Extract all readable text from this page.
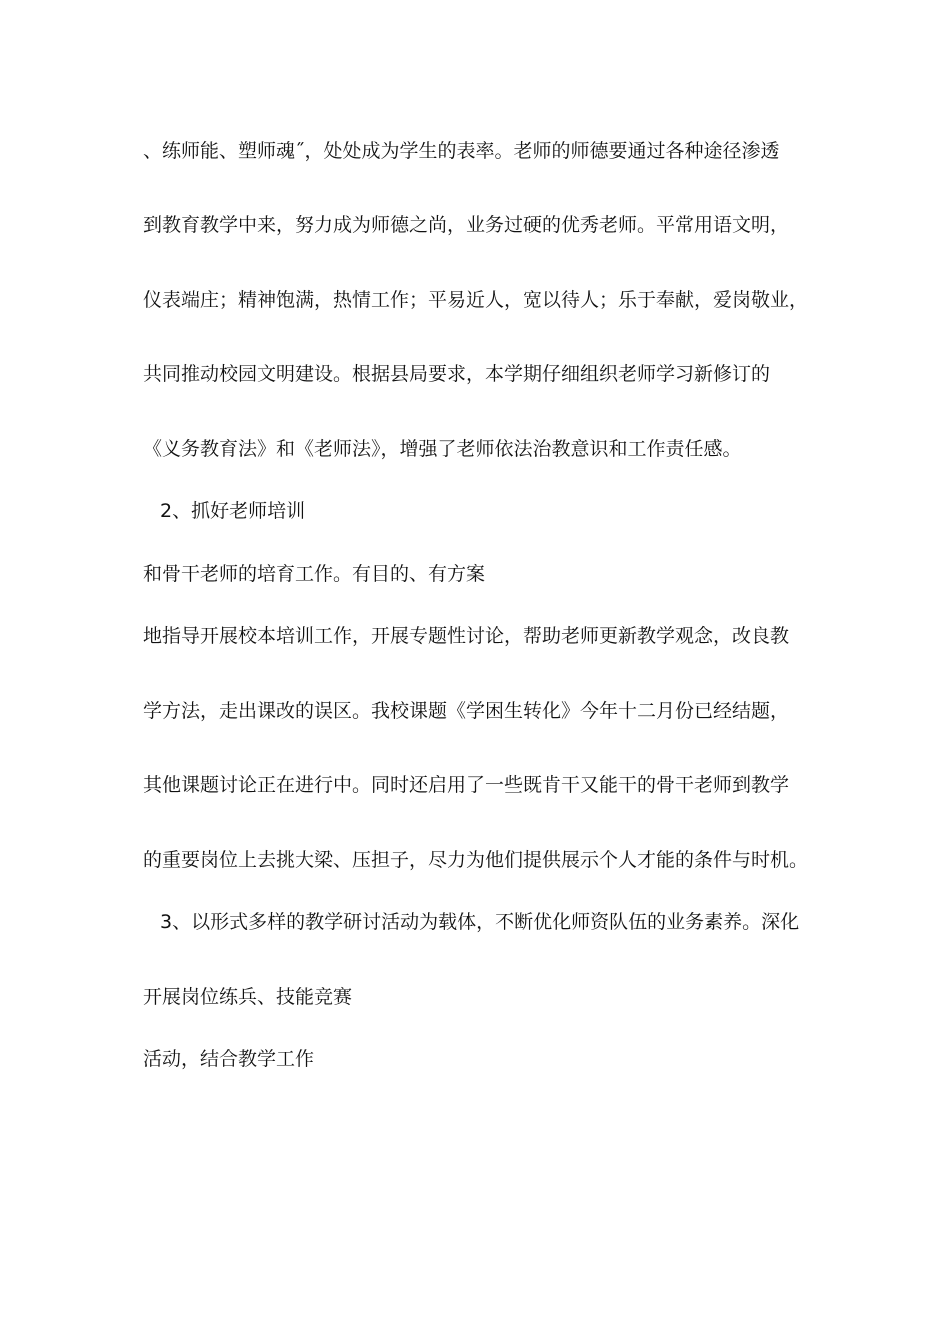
、练师能、塑师魂˝，处处成为学生的表率。老师的师德要通过各种途径渗透
到教育教学中来，努力成为师德之尚，业务过硬的优秀老师。平常用语文明，
仪表端庄；精神饱满，热情工作；平易近人，宽以待人；乐于奉献，爱岗敬业，
共同推动校园文明建设。根据县局要求，本学期仔细组织老师学习新修订的
《义务教育法》和《老师法》，增强了老师依法治教意识和工作责任感。
2、抓好老师培训
和骨干老师的培育工作。有目的、有方案
地指导开展校本培训工作，开展专题性讨论，帮助老师更新教学观念，改良教
学方法，走出课改的误区。我校课题《学困生转化》今年十二月份已经结题，
其他课题讨论正在进行中。同时还启用了一些既肯干又能干的骨干老师到教学
的重要岗位上去挑大梁、压担子，尽力为他们提供展示个人才能的条件与时机。
3、以形式多样的教学研讨活动为载体，不断优化师资队伍的业务素养。深化
开展岗位练兵、技能竞赛
活动，结合教学工作
